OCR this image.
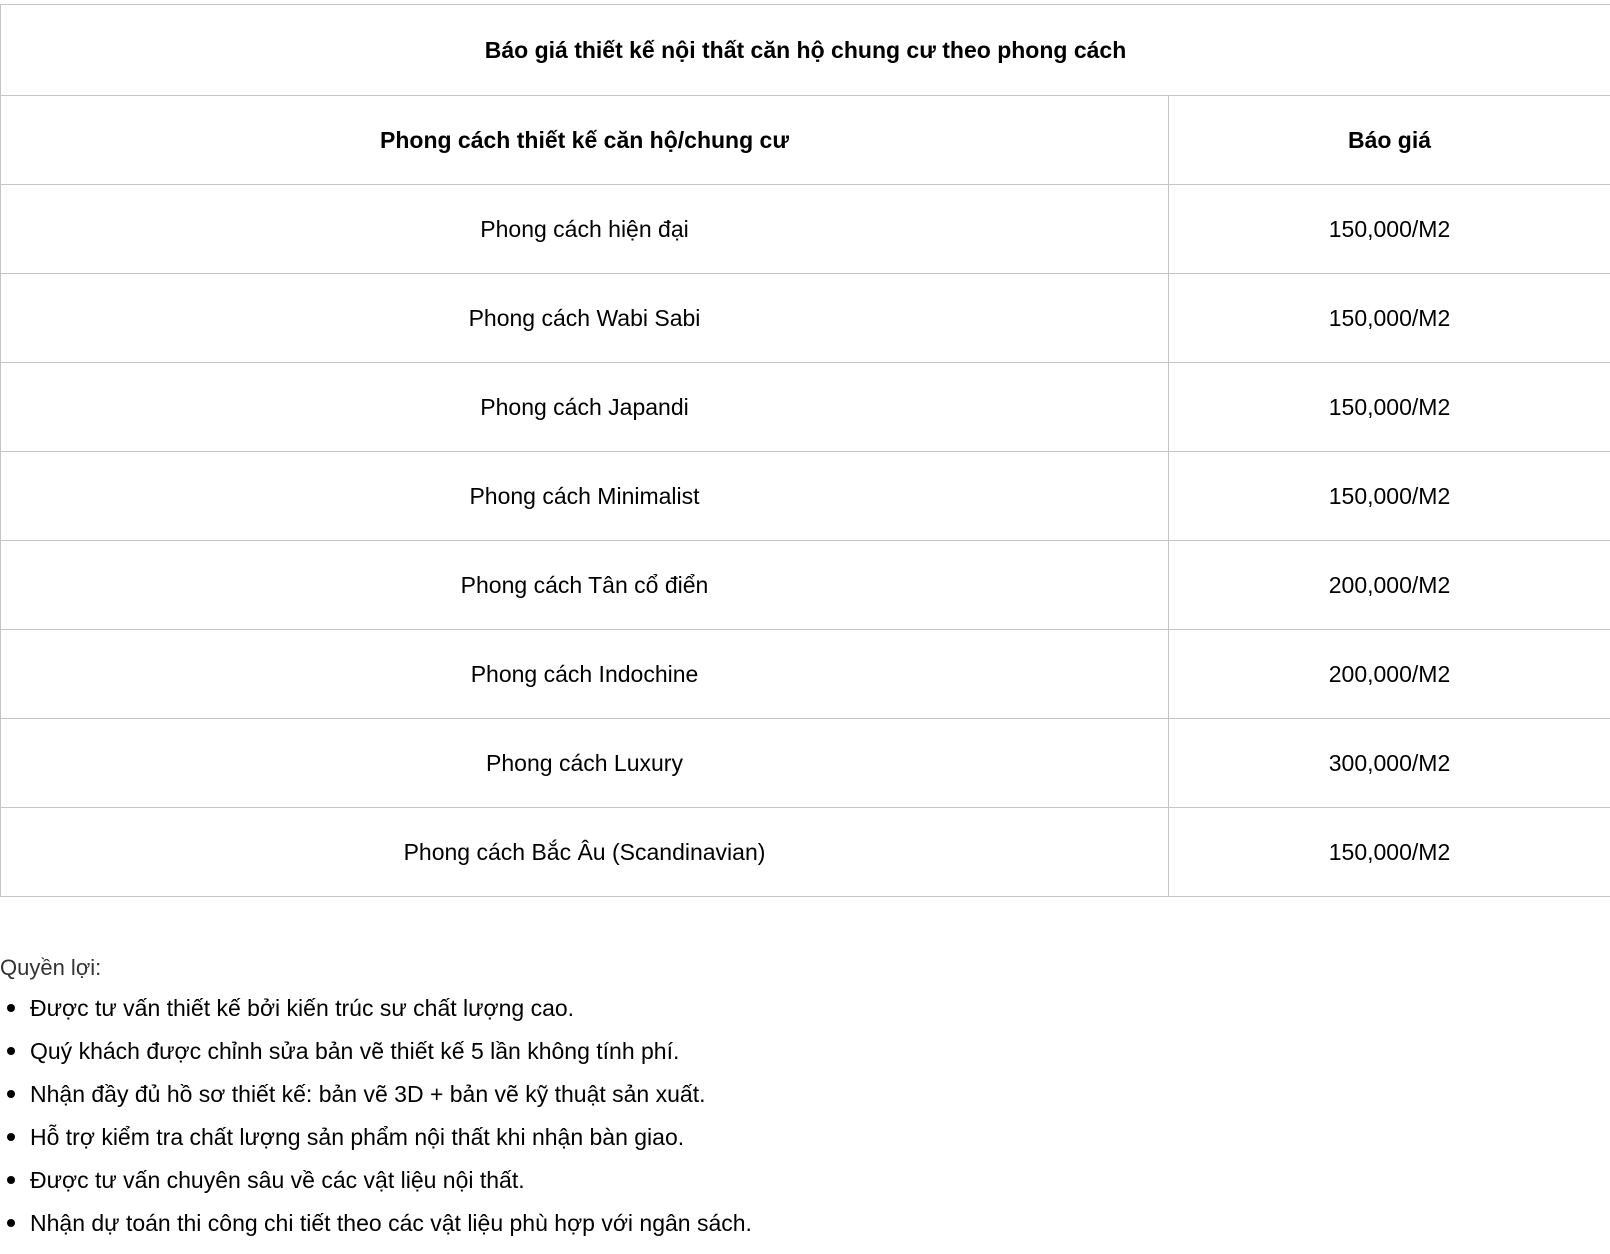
Báo giá thiết kế nội thất căn hộ chung cư theo phong cách	
Phong cách thiết kế căn hộ/chung cư	Báo giá
Phong cách hiện đại	150,000/M2
Phong cách Wabi Sabi	150,000/M2
Phong cách Japandi	150,000/M2
Phong cách Minimalist	150,000/M2
Phong cách Tân cổ điển	200,000/M2
Phong cách Indochine	200,000/M2
Phong cách Luxury	300,000/M2
Phong cách Bắc Âu (Scandinavian)	150,000/M2

Quyền lợi:

Được tư vấn thiết kế bởi kiến trúc sư chất lượng cao.
Quý khách được chỉnh sửa bản vẽ thiết kế 5 lần không tính phí.
Nhận đầy đủ hồ sơ thiết kế: bản vẽ 3D + bản vẽ kỹ thuật sản xuất.
Hỗ trợ kiểm tra chất lượng sản phẩm nội thất khi nhận bàn giao.
Được tư vấn chuyên sâu về các vật liệu nội thất.
Nhận dự toán thi công chi tiết theo các vật liệu phù hợp với ngân sách.
